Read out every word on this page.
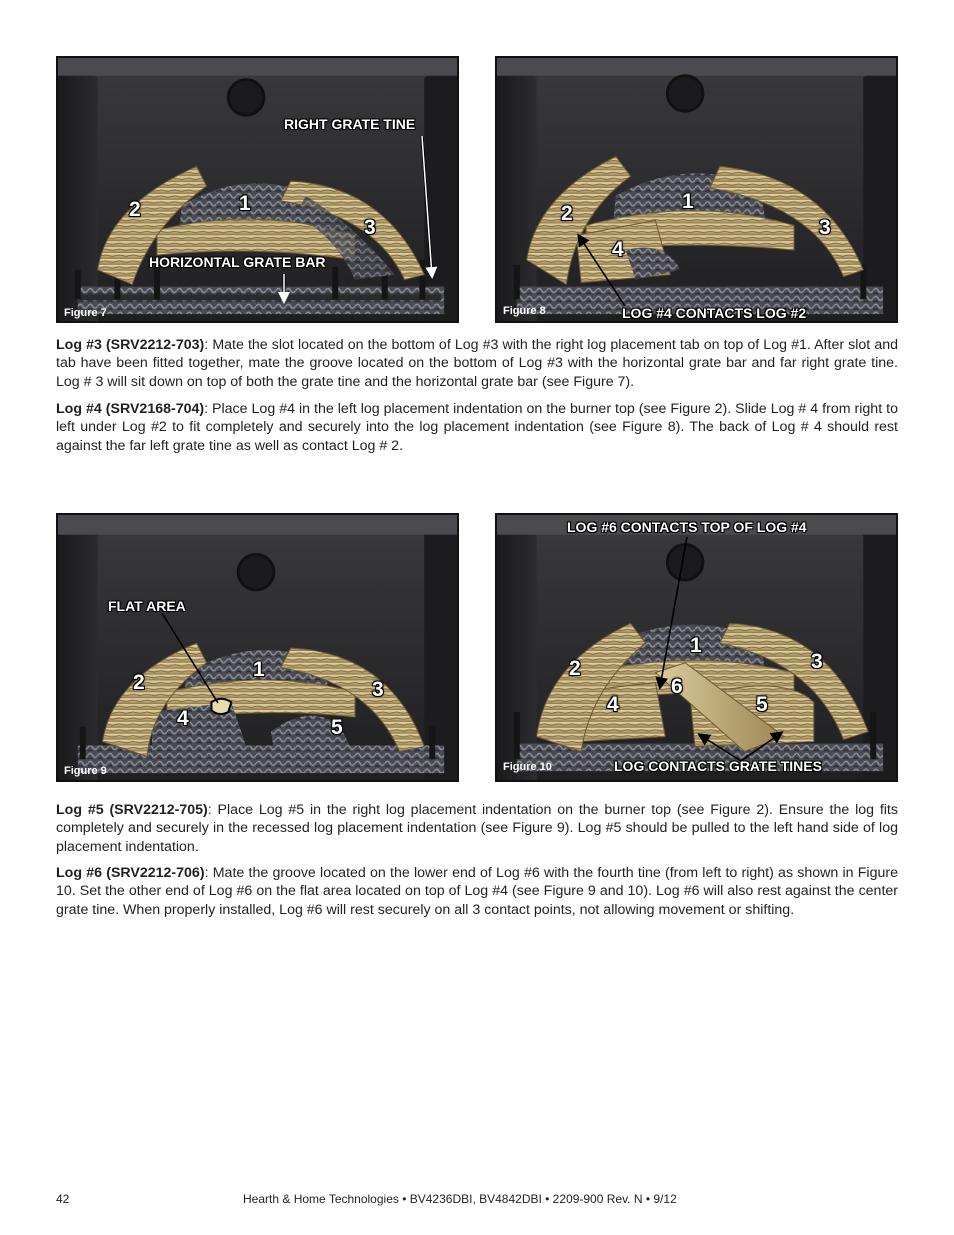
RIGHT GRATE TINE
HORIZONTAL GRATE BAR
1
2
3
Figure 7
1
2
3
4
LOG #4 CONTACTS LOG #2
Figure 8
Log #3 (SRV2212-703): Mate the slot located on the bottom of Log #3 with the right log placement tab on top of Log #1. After slot and tab have been fitted together, mate the groove located on the bottom of Log #3 with the horizontal grate bar and far right grate tine. Log # 3 will sit down on top of both the grate tine and the horizontal grate bar (see Figure 7).
Log #4 (SRV2168-704): Place Log #4 in the left log placement indentation on the burner top (see Figure 2). Slide Log # 4 from right to left under Log #2 to fit completely and securely into the log placement indentation (see Figure 8). The back of Log # 4 should rest against the far left grate tine as well as contact Log # 2.
FLAT AREA
1
2	3
4	5
Figure 9
LOG #6 CONTACTS TOP OF LOG #4
1
2	3
4	5
6
LOG CONTACTS GRATE TINES
Figure 10
Log #5 (SRV2212-705): Place Log #5 in the right log placement indentation on the burner top (see Figure 2). Ensure the log fits completely and securely in the recessed log placement indentation (see Figure 9). Log #5 should be pulled to the left hand side of log placement indentation.
Log #6 (SRV2212-706): Mate the groove located on the lower end of Log #6 with the fourth tine (from left to right) as shown in Figure 10. Set the other end of Log #6 on the flat area located on top of Log #4 (see Figure 9 and 10). Log #6 will also rest against the center grate tine. When properly installed, Log #6 will rest securely on all 3 contact points, not allowing movement or shifting.
42	Hearth & Home Technologies • BV4236DBI, BV4842DBI • 2209-900 Rev. N • 9/12
